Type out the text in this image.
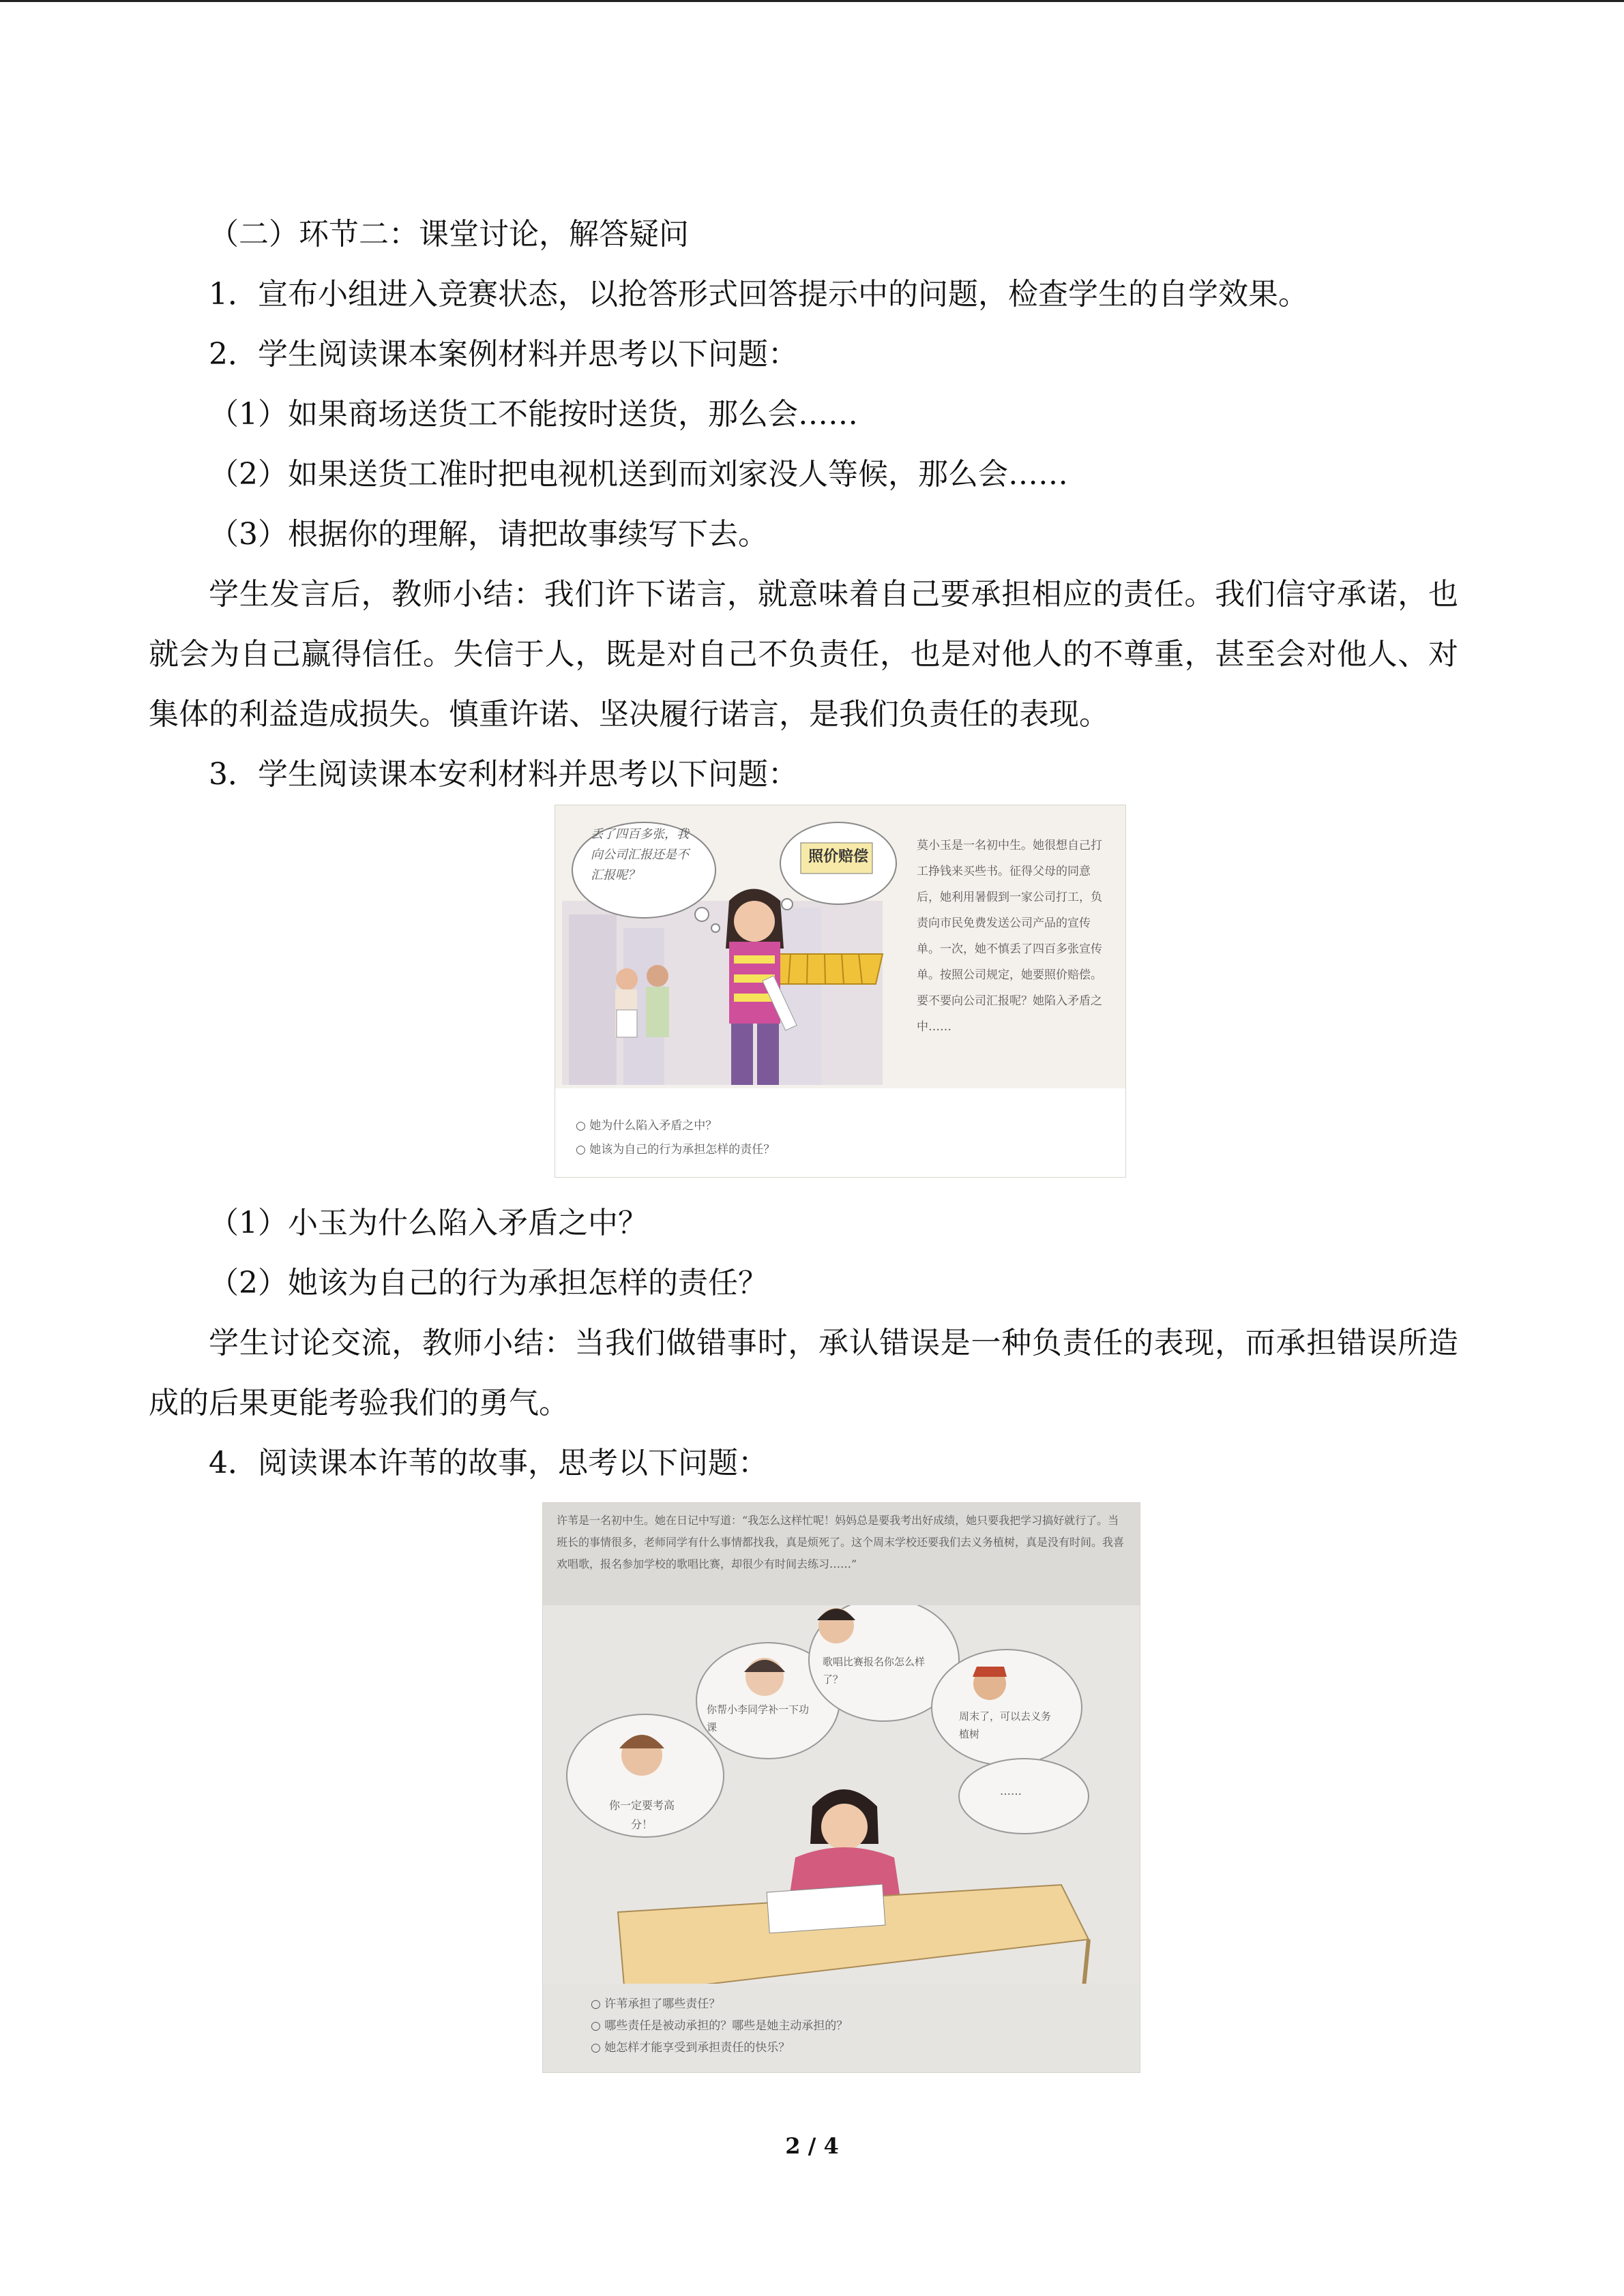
（二）环节二：课堂讨论，解答疑问
1．宣布小组进入竞赛状态，以抢答形式回答提示中的问题，检查学生的自学效果。
2．学生阅读课本案例材料并思考以下问题：
（1）如果商场送货工不能按时送货，那么会……
（2）如果送货工准时把电视机送到而刘家没人等候，那么会……
（3）根据你的理解，请把故事续写下去。
学生发言后，教师小结：我们许下诺言，就意味着自己要承担相应的责任。我们信守承诺，也就会为自己赢得信任。失信于人，既是对自己不负责任，也是对他人的不尊重，甚至会对他人、对集体的利益造成损失。慎重许诺、坚决履行诺言，是我们负责任的表现。
3．学生阅读课本安利材料并思考以下问题：
丢了四百多张，我向公司汇报还是不汇报呢？
照价赔偿
莫小玉是一名初中生。她很想自己打工挣钱来买些书。征得父母的同意后，她利用暑假到一家公司打工，负责向市民免费发送公司产品的宣传单。一次，她不慎丢了四百多张宣传单。按照公司规定，她要照价赔偿。要不要向公司汇报呢？她陷入矛盾之中……
○ 她为什么陷入矛盾之中？
○ 她该为自己的行为承担怎样的责任？
（1）小玉为什么陷入矛盾之中？
（2）她该为自己的行为承担怎样的责任？
学生讨论交流，教师小结：当我们做错事时，承认错误是一种负责任的表现，而承担错误所造成的后果更能考验我们的勇气。
4．阅读课本许苇的故事，思考以下问题：
许苇是一名初中生。她在日记中写道：“我怎么这样忙呢！妈妈总是要我考出好成绩，她只要我把学习搞好就行了。当班长的事情很多，老师同学有什么事情都找我，真是烦死了。这个周末学校还要我们去义务植树，真是没有时间。我喜欢唱歌，报名参加学校的歌唱比赛，却很少有时间去练习……”
你一定要考高分！
你帮小李同学补一下功课
歌唱比赛报名你怎么样了？
周末了，可以去义务植树
……
○ 许苇承担了哪些责任？
○ 哪些责任是被动承担的？哪些是她主动承担的？
○ 她怎样才能享受到承担责任的快乐？
2 / 4
